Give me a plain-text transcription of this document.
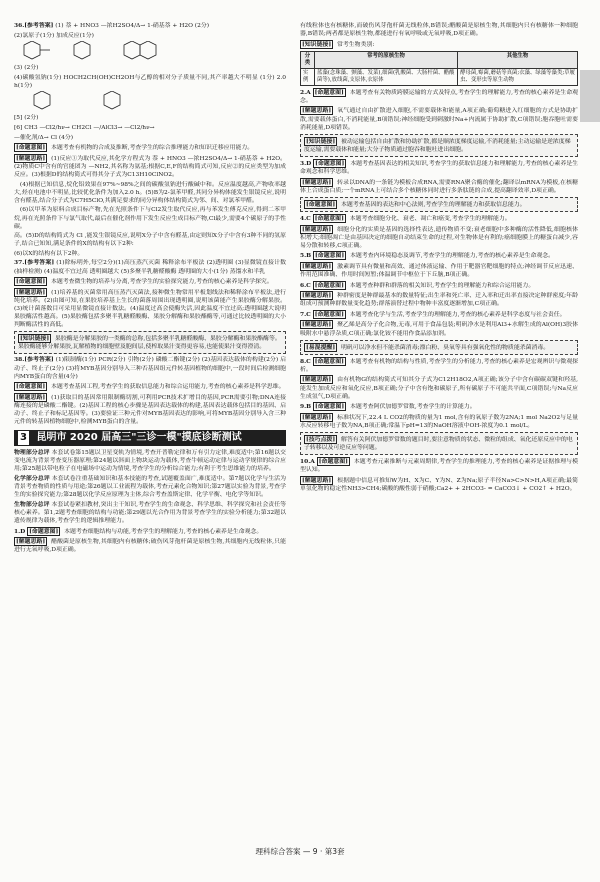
36.[参考答案] (1) 萘 + HNO3 —浓H2SO4/Δ→ 1-硝基萘 + H2O (2分)

(2)氯原子(1分) 加成反应(1分)

(3) (2分)

(4)碳酸氢钠(1分) HOCH2CH(OH)CH2OH与乙醇的相对分子质量不同,其产率越大不明显 (1分) 2.0 h(1分)

[5] (2分)

[6] CH3 —Cl2/hν→ CH2Cl —/AlCl3→ —Cl2/hν→

—催化剂/Δ→ Cl (4分)

[命题意图] 本题考查有机物的合成及推断,考查学生的综合推理能力和知识迁移应用能力。

[解题思路] (1)反应①为取代反应,其化学方程式为 萘 + HNO3 —浓H2SO4/Δ→ 1-硝基萘 + H2O。(2)物质C中含有的官能团为 —NH2,其名称为氨基;根据C,E,F的结构简式可知,反应②的反应类型为加成反应。(3)根据D的结构简式可得其分子式为C13H10ClNO2。

(4)根据已知信息,烷化铝效果在97%~98%之间的碳酸氢钠进行酸碱中和。反应温度越高,产物收率越大,烃在电池中不明显,比较优化条件为加入2.0 h。(5)B为2-氯苯甲醛,其同分异构体能发生银镜反应,说明含有醛基,结合分子式为C7H5ClO,其满足要求的同分异构体结构简式为邻、间、对氯苯甲醛。

(6)以甲苯为原料合成目标产物,先在光照条件下与Cl2发生取代反应,再与苯发生傅克反应,得到二苯甲烷,再在光照条件下与氯气取代,最后在催化剂作用下发生反应生成目标产物,Cl最少,需要4个碳原子的手性碳。

高。(5)D的结构简式为 Cl ,能发生银镜反应,说明X分子中含有醛基,由定则知X分子中含有3种不同的氢原子,结合已知知,满足条件的X的结构有以下2种:

(6)以X的结构有以下2种。

37.[参考答案] (1)除标明外,每空2分)(1)高压蒸汽灭菌 稀释涂布平板法 (2)透明圈 (3)显微镜直接计数(抽样检测) (4)温度不宜过高 透明圈越大 (5)多聚半乳糖醛酸酶 透明圈的大小(1分) 蒸馏水和半乳

[命题意图] 本题考查微生物的培养与分离,考查学生的实验探究能力,考查的核心素养是科学探究。

[解题思路] (1)培养基的灭菌常用高压蒸汽灭菌法,接种微生物常用平板划线法和稀释涂布平板法,进行纯化培养。(2)由图可知,在果胶培养基上生长的菌落周围出现透明圈,说明该菌能产生果胶酶分解果胶。(3)统计菌落数目可采用显微镜直接计数法。(4)温度过高会使酶失活,因此温度不宜过高;透明圈越大说明果胶酶活性越高。(5)果胶酶包括多聚半乳糖醛酸酶、果胶分解酶和果胶酯酶等,可通过比较透明圈的大小判断酶活性的高低。

[知识链接] 果胶酶是分解果胶的一类酶的总称,包括多聚半乳糖醛酸酶、果胶分解酶和果胶酯酶等。果胶酶能够分解果胶,瓦解植物的细胞壁及胞间层,使榨取果汁变得更容易,也能使果汁变得澄清。

38.[参考答案] (1)限制酶(1分) PCR(2分) 引物(2分) 磷酸二酯键(2分) (2)基因表达载体的构建(2分) 启动子、终止子(2分) (3)将MYB基因分别导入三种否基因组元件转基因植物的细胞中,一段时间后检测细胞内MYB蛋白的含量(4分)

[命题意图] 本题考查基因工程,考查学生的获取信息能力和综合运用能力,考查的核心素养是科学思维。

[解题思路] (1)获取目的基因常用限制酶切割,可利用PCR技术扩增目的基因,PCR需要引物;DNA连接酶连接的是磷酸二酯键。(2)基因工程的核心步骤是基因表达载体的构建,基因表达载体包括目的基因、启动子、终止子和标记基因等。(3)要验证三种元件对MYB基因表达的影响,可将MYB基因分别导入含三种元件的转基因植物细胞中,检测MYB蛋白的含量。

3 昆明市 2020 届高三"三诊一模"摸底诊断测试

物理部分总评 本套试卷第15题以卫星变轨为情境,考查开普勒定律和万有引力定律,难度适中;第16题以交变电流为背景考查变压器原理;第24题以斜面上物块运动为载体,考查牛顿运动定律与运动学规律的综合应用;第25题以带电粒子在电磁场中运动为情境,考查学生的分析综合能力;有利于考生思维能力的培养。

化学部分总评 本套试卷注重基础知识和基本技能的考查,试题覆盖面广,难度适中。第7题以化学与生活为背景考查物质的性质与用途;第26题以工业流程为载体,考查元素化合物知识;第27题以实验为背景,考查学生的实验探究能力;第28题以化学反应原理为主体,综合考查盖斯定律、化学平衡、电化学等知识。

生物部分总评 本套试卷紧扣教材,突出主干知识,考查学生的生命观念、科学思维、科学探究和社会责任等核心素养。第1,2题考查细胞的结构与功能;第29题以光合作用为背景考查学生的实验分析能力;第32题以遗传规律为载体,考查学生的逻辑推理能力。

1.D [命题意图] 本题考查细胞结构与功能,考查学生的理解能力,考查的核心素养是生命观念。

[解题思路] 醋酸菌是原核生物,其细胞内有核糖体;破伤风芽孢杆菌是原核生物,其细胞内无线粒体,只能进行无氧呼吸,D项正确。

有线粒体也有核糖体,而破伤风芽孢杆菌无线粒体,B错误;醋酸菌是原核生物,其细胞内只有核糖体一种细胞器,B错误;两者都是原核生物,都能进行有氧呼吸或无氧呼吸,D项正确。

[知识链接] 常考生物类别:
分类	常考的原核生物	其他生物
实例	蓝藻(念珠藻、颤藻、发菜),细菌(乳酸菌、大肠杆菌、醋酸菌等),放线菌,支原体,衣原体	酵母菌,霉菌,蘑菇等真菌;衣藻、绿藻等藻类;草履虫、变形虫等原生动物

2.A [命题意图] 本题考查有关物质跨膜运输的方式及特点,考查学生的理解能力,考查的核心素养是生命观念。

[解题思路] 氧气通过自由扩散进入细胞,不需要载体和能量,A项正确;葡萄糖进入红细胞的方式是协助扩散,需要载体蛋白,不消耗能量,B项错误;神经细胞受到刺激时Na+内流属于协助扩散,C项错误;胞吞胞吐需要消耗能量,D项错误。

[知识链接] 被动运输包括自由扩散和协助扩散,都是顺浓度梯度运输,不消耗能量;主动运输是逆浓度梯度运输,需要载体和能量;大分子物质通过胞吞和胞吐进出细胞。

3.D [命题意图] 本题考查基因表达的相关知识,考查学生的获取信息能力和理解能力,考查的核心素养是生命观念和科学思维。

[解题思路] 转录以DNA的一条链为模板合成RNA,需要RNA聚合酶的催化;翻译以mRNA为模板,在核糖体上合成蛋白质;一个mRNA上可结合多个核糖体同时进行多条肽链的合成,提高翻译效率,D项正确。

[命题意图] 本题考查基因的表达和中心法则,考查学生的理解能力和获取信息能力。

4.C [命题意图] 本题考查细胞分化、衰老、凋亡和癌变,考查学生的理解能力。

[解题思路] 细胞分化的实质是基因的选择性表达,遗传物质不变;衰老细胞中多种酶的活性降低,细胞核体积增大;细胞凋亡是由基因决定的细胞自动结束生命的过程,对生物体是有利的;癌细胞膜上的糖蛋白减少,容易分散和转移,C项正确。

5.B [命题意图] 本题考查内环境稳态及调节,考查学生的理解能力,考查的核心素养是生命观念。

[解题思路] 激素调节具有微量和高效、通过体液运输、作用于靶器官靶细胞的特点;神经调节反应迅速、作用范围准确、作用时间短暂;体温调节中枢位于下丘脑,B项正确。

6.C [命题意图] 本题考查种群和群落的相关知识,考查学生的理解能力和综合运用能力。

[解题思路] 种群密度是种群最基本的数量特征;出生率和死亡率、迁入率和迁出率直接决定种群密度;年龄组成可预测种群数量变化趋势;群落演替过程中物种丰富度逐渐增加,C项正确。

7.C [命题意图] 本题考查化学与生活,考查学生的理解能力,考查的核心素养是科学态度与社会责任。

[解题思路] 聚乙烯是高分子化合物,无毒,可用于食品包装;明矾净水是利用Al3+水解生成的Al(OH)3胶体吸附水中悬浮杂质,C项正确;氯化铵不能用作食品添加剂。

[易混提醒] 明矾可以净水但不能杀菌消毒;漂白粉、臭氧等具有强氧化性的物质能杀菌消毒。

8.C [命题意图] 本题考查有机物的结构与性质,考查学生的分析能力,考查的核心素养是宏观辨识与微观探析。

[解题思路] 由有机物G的结构简式可知其分子式为C12H18O2,A项正确;该分子中含有碳碳双键和羟基,能发生加成反应和氧化反应,B项正确;分子中含有饱和碳原子,所有碳原子不可能共平面,C项错误;与Na反应生成氢气,D项正确。

9.B [命题意图] 本题考查阿伏加德罗常数,考查学生的计算能力。

[解题思路] 标准状况下,22.4 L CO2的物质的量为1 mol,含有的氧原子数为2NA;1 mol Na2O2与足量水反应转移电子数为NA,B项正确;常温下pH=13的NaOH溶液中OH-浓度为0.1 mol/L。

[技巧点拨] 解答有关阿伏加德罗常数的题目时,要注意物质的状态、微粒的组成、氧化还原反应中的电子转移以及可逆反应等问题。

10.A [命题意图] 本题考查元素推断与元素周期律,考查学生的推理能力,考查的核心素养是证据推理与模型认知。

[解题思路] 根据题中信息可推知W为H、X为C、Y为N、Z为Na;原子半径Na>C>N>H,A项正确;最简单氢化物的稳定性NH3>CH4;碳酸的酸性弱于硝酸;Ca2+ + 2HCO3- = CaCO3↓ + CO2↑ + H2O。

理科综合答案 — 9 · 第3套
